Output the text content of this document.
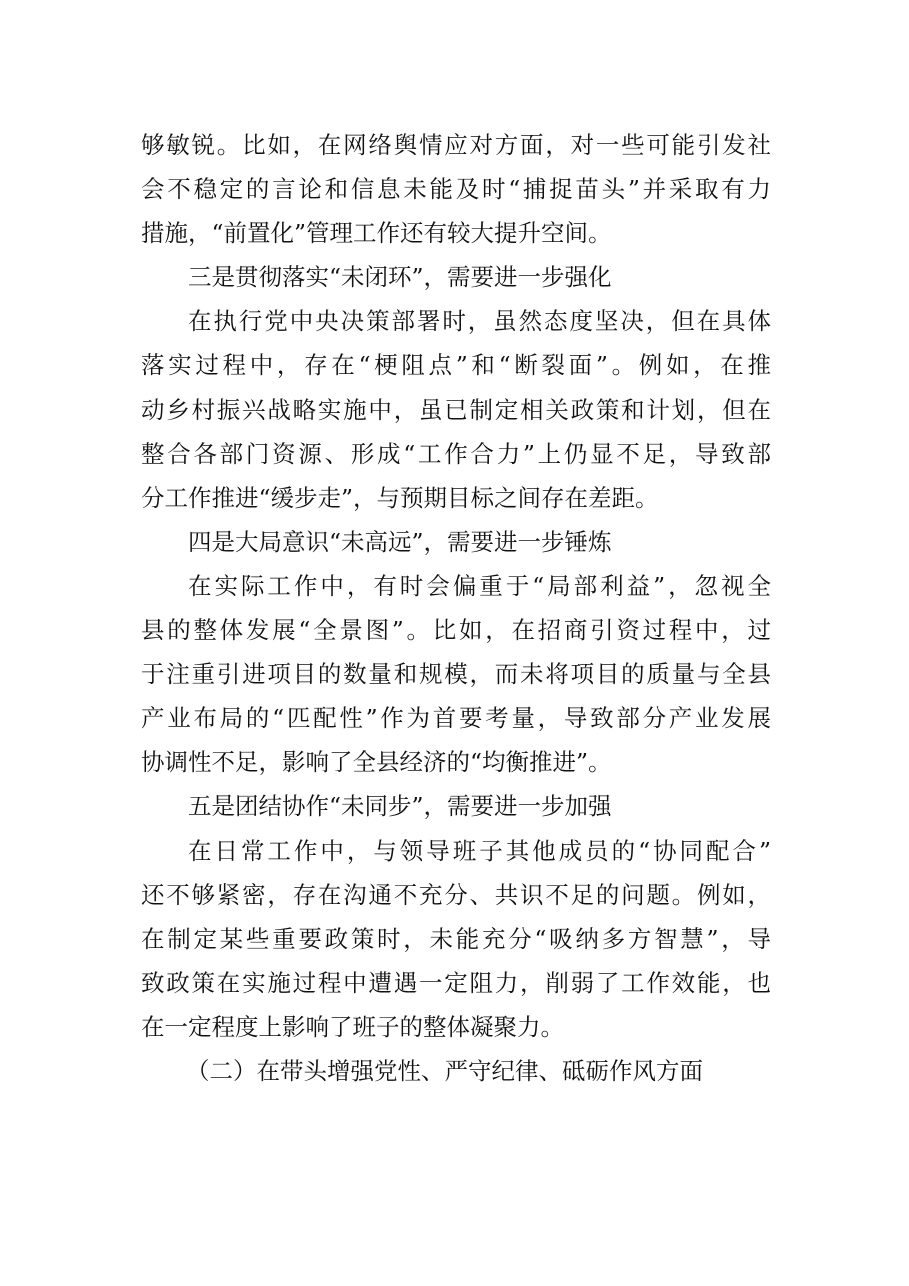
够敏锐。比如，在网络舆情应对方面，对一些可能引发社
会不稳定的言论和信息未能及时“捕捉苗头”并采取有力
措施，“前置化”管理工作还有较大提升空间。
三是贯彻落实“未闭环”，需要进一步强化
在执行党中央决策部署时，虽然态度坚决，但在具体
落实过程中，存在“梗阻点”和“断裂面”。例如，在推
动乡村振兴战略实施中，虽已制定相关政策和计划，但在
整合各部门资源、形成“工作合力”上仍显不足，导致部
分工作推进“缓步走”，与预期目标之间存在差距。
四是大局意识“未高远”，需要进一步锤炼
在实际工作中，有时会偏重于“局部利益”，忽视全
县的整体发展“全景图”。比如，在招商引资过程中，过
于注重引进项目的数量和规模，而未将项目的质量与全县
产业布局的“匹配性”作为首要考量，导致部分产业发展
协调性不足，影响了全县经济的“均衡推进”。
五是团结协作“未同步”，需要进一步加强
在日常工作中，与领导班子其他成员的“协同配合”
还不够紧密，存在沟通不充分、共识不足的问题。例如，
在制定某些重要政策时，未能充分“吸纳多方智慧”，导
致政策在实施过程中遭遇一定阻力，削弱了工作效能，也
在一定程度上影响了班子的整体凝聚力。
（二）在带头增强党性、严守纪律、砥砺作风方面
